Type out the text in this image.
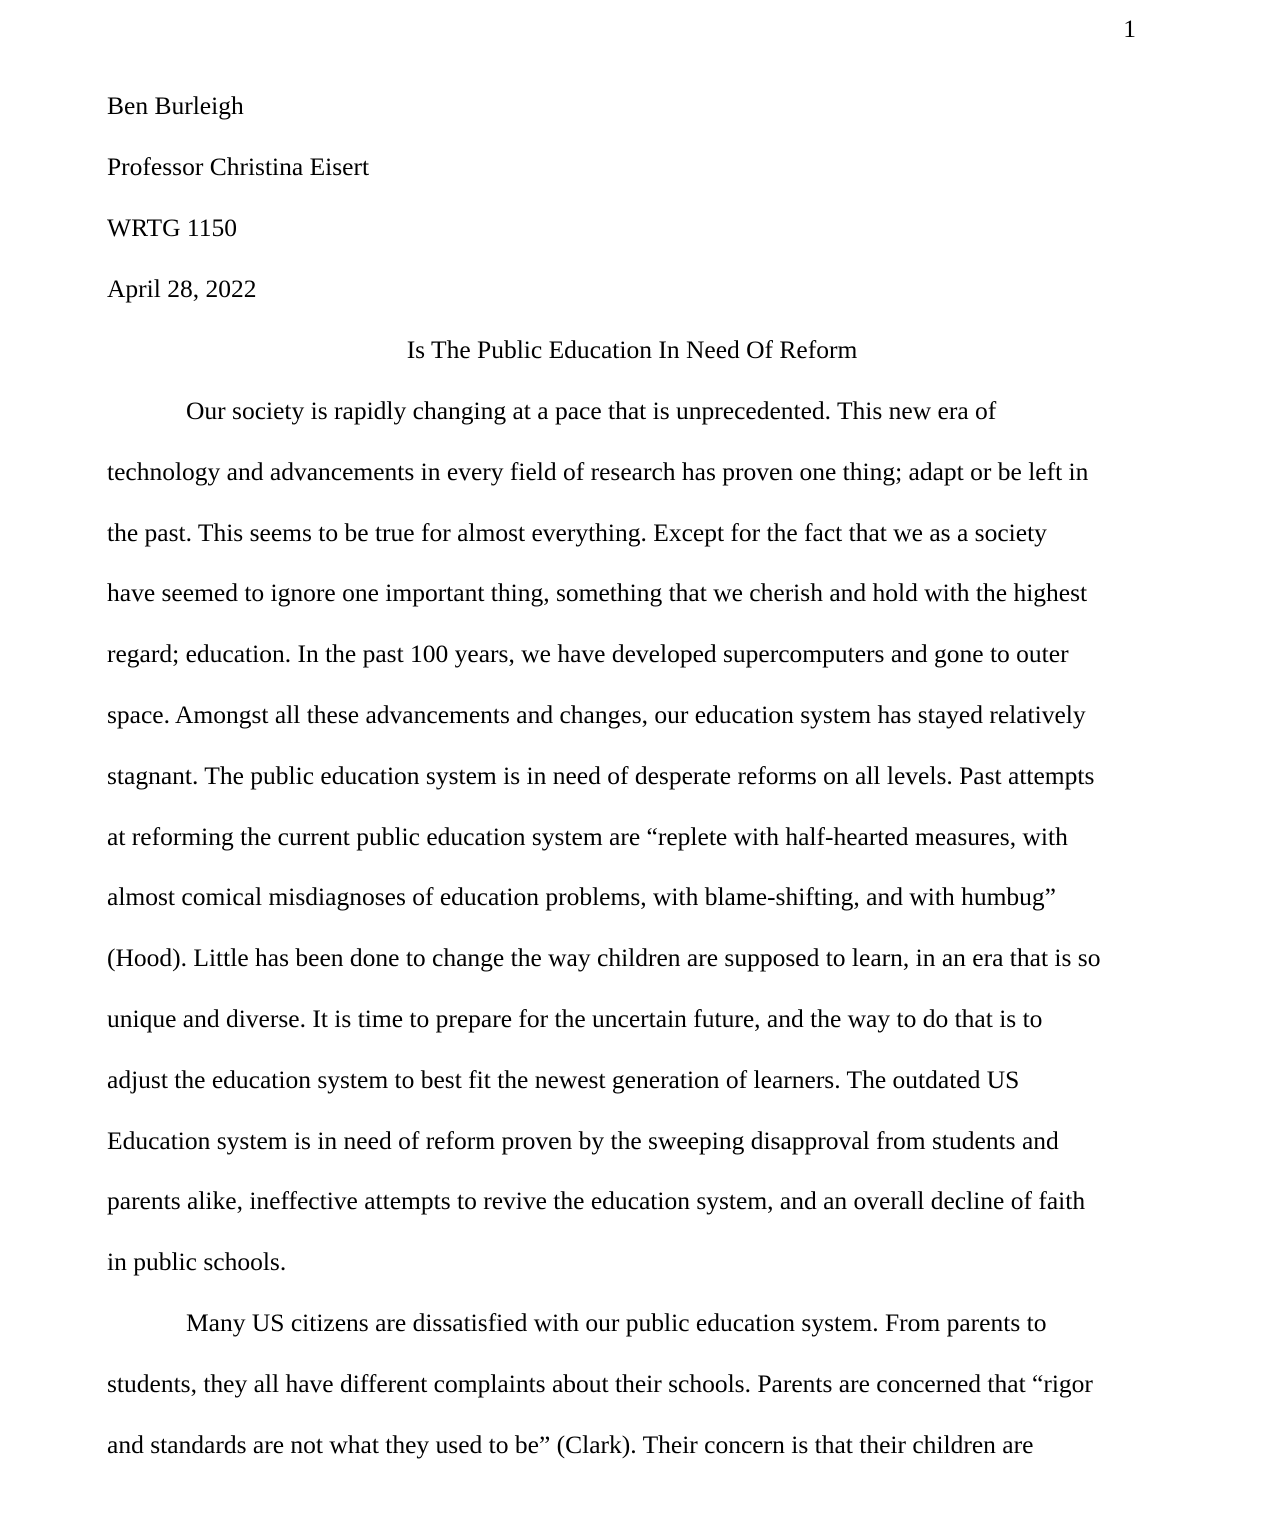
1
Ben Burleigh
Professor Christina Eisert
WRTG 1150
April 28, 2022
Is The Public Education In Need Of Reform
Our society is rapidly changing at a pace that is unprecedented. This new era of
technology and advancements in every field of research has proven one thing; adapt or be left in
the past. This seems to be true for almost everything. Except for the fact that we as a society
have seemed to ignore one important thing, something that we cherish and hold with the highest
regard; education. In the past 100 years, we have developed supercomputers and gone to outer
space. Amongst all these advancements and changes, our education system has stayed relatively
stagnant. The public education system is in need of desperate reforms on all levels. Past attempts
at reforming the current public education system are “replete with half-hearted measures, with
almost comical misdiagnoses of education problems, with blame-shifting, and with humbug”
(Hood). Little has been done to change the way children are supposed to learn, in an era that is so
unique and diverse. It is time to prepare for the uncertain future, and the way to do that is to
adjust the education system to best fit the newest generation of learners. The outdated US
Education system is in need of reform proven by the sweeping disapproval from students and
parents alike, ineffective attempts to revive the education system, and an overall decline of faith
in public schools.
Many US citizens are dissatisfied with our public education system. From parents to
students, they all have different complaints about their schools. Parents are concerned that “rigor
and standards are not what they used to be” (Clark). Their concern is that their children are
